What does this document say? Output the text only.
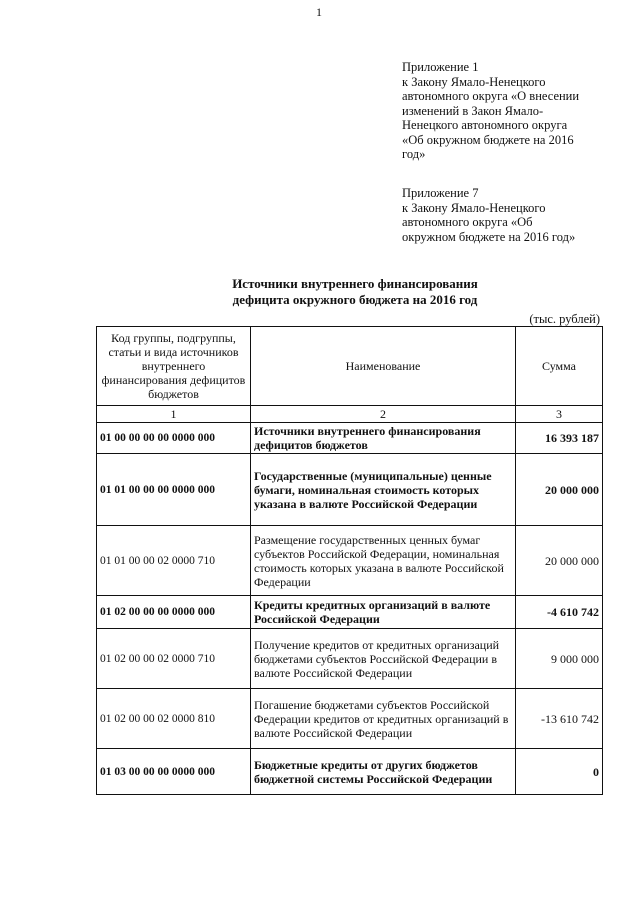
1
Приложение 1
к Закону Ямало-Ненецкого
автономного округа «О внесении
изменений в Закон Ямало-
Ненецкого автономного округа
«Об окружном бюджете на 2016
год»
Приложение 7
к Закону Ямало-Ненецкого
автономного округа «Об
окружном бюджете на 2016 год»
Источники внутреннего финансирования
дефицита окружного бюджета на 2016 год
(тыс. рублей)
Код группы, подгруппы, статьи и вида источников внутреннего финансирования дефицитов бюджетов	Наименование	Сумма
1	2	3
01 00 00 00 00 0000 000	Источники внутреннего финансирования дефицитов бюджетов	16 393 187
01 01 00 00 00 0000 000	Государственные (муниципальные) ценные бумаги, номинальная стоимость которых указана в валюте Российской Федерации	20 000 000
01 01 00 00 02 0000 710	Размещение государственных ценных бумаг субъектов Российской Федерации, номинальная стоимость которых указана в валюте Российской Федерации	20 000 000
01 02 00 00 00 0000 000	Кредиты кредитных организаций в валюте Российской Федерации	-4 610 742
01 02 00 00 02 0000 710	Получение кредитов от кредитных организаций бюджетами субъектов Российской Федерации в валюте Российской Федерации	9 000 000
01 02 00 00 02 0000 810	Погашение бюджетами субъектов Российской Федерации кредитов от кредитных организаций в валюте Российской Федерации	-13 610 742
01 03 00 00 00 0000 000	Бюджетные кредиты от других бюджетов бюджетной системы Российской Федерации	0
